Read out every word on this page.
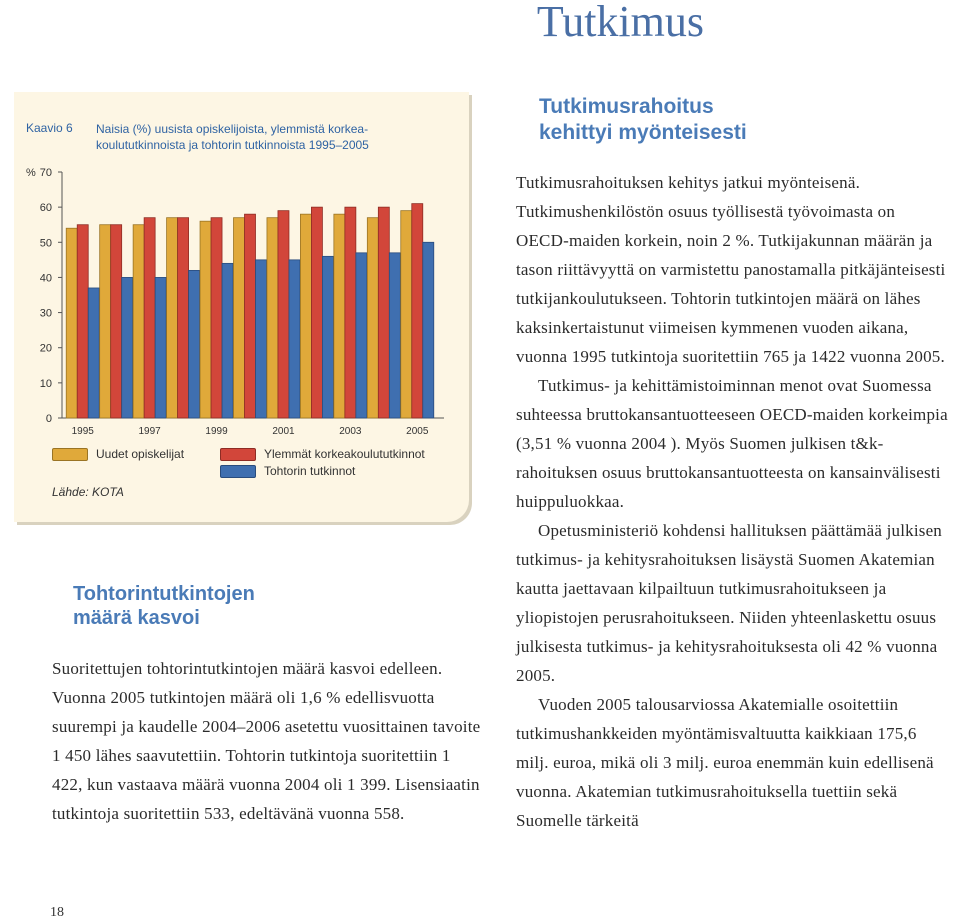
Tutkimus
Kaavio 6 Naisia (%) uusista opiskelijoista, ylemmistä korkea-koulututkinnoista ja tohtorin tutkinnoista 1995–2005
%
0
10
20
30
40
50
60
70
1995	1997	1999	2001	2003	2005
Uudet opiskelijat	Ylemmät korkeakoulututkinnot
Tohtorin tutkinnot
Lähde: KOTA
Tohtorintutkintojen
määrä kasvoi
Suoritettujen tohtorintutkintojen määrä kasvoi edelleen. Vuonna 2005 tutkintojen määrä oli 1,6 % edellisvuotta suurempi ja kaudelle 2004–2006 asetettu vuosittainen tavoite 1 450 lähes saavutettiin. Tohtorin tutkintoja suoritettiin 1 422, kun vastaava määrä vuonna 2004 oli 1 399. Lisensiaatin tutkintoja suoritettiin 533, edeltävänä vuonna 558.
Tutkimusrahoitus
kehittyi myönteisesti

Tutkimusrahoituksen kehitys jatkui myönteisenä. Tutkimushenkilöstön osuus työllisestä työvoimasta on OECD-maiden korkein, noin 2 %. Tutkijakunnan määrän ja tason riittävyyttä on varmistettu panostamalla pitkäjänteisesti tutkijankoulutukseen. Tohtorin tutkintojen määrä on lähes kaksinkertaistunut viimeisen kymmenen vuoden aikana, vuonna 1995 tutkintoja suoritettiin 765 ja 1422 vuonna 2005.

Tutkimus- ja kehittämistoiminnan menot ovat Suomessa suhteessa bruttokansantuotteeseen OECD-maiden korkeimpia (3,51 % vuonna 2004 ). Myös Suomen julkisen t&k-rahoituksen osuus bruttokansantuotteesta on kansainvälisesti huippuluokkaa.

Opetusministeriö kohdensi hallituksen päättämää julkisen tutkimus- ja kehitysrahoituksen lisäystä Suomen Akatemian kautta jaettavaan kilpailtuun tutkimusrahoitukseen ja yliopistojen perusrahoitukseen. Niiden yhteenlaskettu osuus julkisesta tutkimus- ja kehitysrahoituksesta oli 42 % vuonna 2005.

Vuoden 2005 talousarviossa Akatemialle osoitettiin tutkimushankkeiden myöntämisvaltuutta kaikkiaan 175,6 milj. euroa, mikä oli 3 milj. euroa enemmän kuin edellisenä vuonna. Akatemian tutkimusrahoituksella tuettiin sekä Suomelle tärkeitä

18
